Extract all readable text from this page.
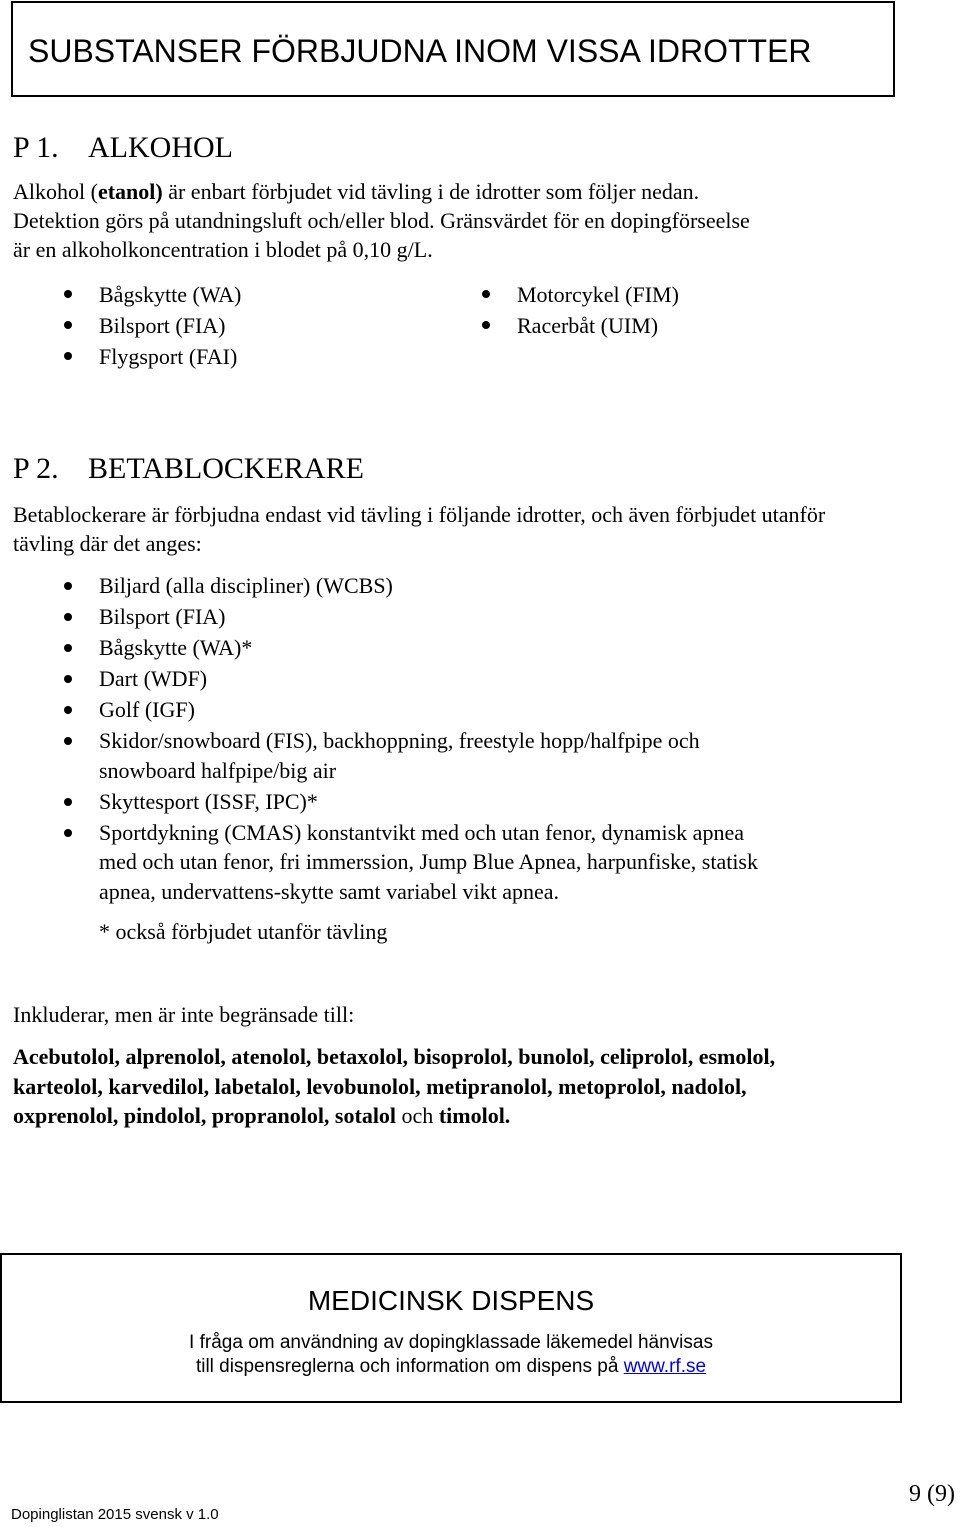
SUBSTANSER FÖRBJUDNA INOM VISSA IDROTTER
P 1. ALKOHOL
Alkohol (etanol) är enbart förbjudet vid tävling i de idrotter som följer nedan.
Detektion görs på utandningsluft och/eller blod. Gränsvärdet för en dopingförseelse
är en alkoholkoncentration i blodet på 0,10 g/L.
Bågskytte (WA)
Bilsport (FIA)
Flygsport (FAI)
Motorcykel (FIM)
Racerbåt (UIM)
P 2. BETABLOCKERARE
Betablockerare är förbjudna endast vid tävling i följande idrotter, och även förbjudet utanför
tävling där det anges:
Biljard (alla discipliner) (WCBS)
Bilsport (FIA)
Bågskytte (WA)*
Dart (WDF)
Golf (IGF)
Skidor/snowboard (FIS), backhoppning, freestyle hopp/halfpipe och
snowboard halfpipe/big air
Skyttesport (ISSF, IPC)*
Sportdykning (CMAS) konstantvikt med och utan fenor, dynamisk apnea
med och utan fenor, fri immerssion, Jump Blue Apnea, harpunfiske, statisk
apnea, undervattens-skytte samt variabel vikt apnea.
* också förbjudet utanför tävling
Inkluderar, men är inte begränsade till:
Acebutolol, alprenolol, atenolol, betaxolol, bisoprolol, bunolol, celiprolol, esmolol,
karteolol, karvedilol, labetalol, levobunolol, metipranolol, metoprolol, nadolol,
oxprenolol, pindolol, propranolol, sotalol och timolol.
MEDICINSK DISPENS
I fråga om användning av dopingklassade läkemedel hänvisas
till dispensreglerna och information om dispens på www.rf.se
Dopinglistan 2015 svensk v 1.0
9 (9)
